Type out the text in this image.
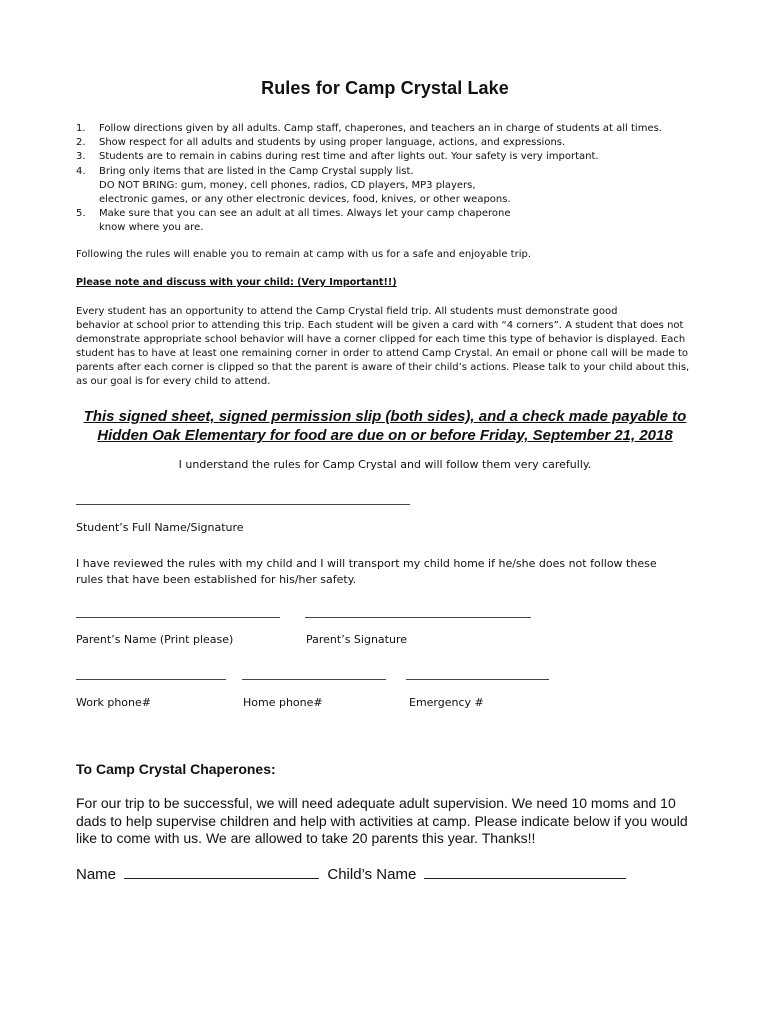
Rules for Camp Crystal Lake
1.	Follow directions given by all adults. Camp staff, chaperones, and teachers an in charge of students at all times.
2.	Show respect for all adults and students by using proper language, actions, and expressions.
3.	Students are to remain in cabins during rest time and after lights out. Your safety is very important.
4.	Bring only items that are listed in the Camp Crystal supply list.
DO NOT BRING: gum, money, cell phones, radios, CD players, MP3 players,
electronic games, or any other electronic devices, food, knives, or other weapons.
5.	Make sure that you can see an adult at all times. Always let your camp chaperone
know where you are.
Following the rules will enable you to remain at camp with us for a safe and enjoyable trip.
Please note and discuss with your child: (Very Important!!)
Every student has an opportunity to attend the Camp Crystal field trip. All students must demonstrate good
behavior at school prior to attending this trip. Each student will be given a card with “4 corners”. A student that does not
demonstrate appropriate school behavior will have a corner clipped for each time this type of behavior is displayed. Each
student has to have at least one remaining corner in order to attend Camp Crystal. An email or phone call will be made to
parents after each corner is clipped so that the parent is aware of their child’s actions. Please talk to your child about this,
as our goal is for every child to attend.
This signed sheet, signed permission slip (both sides), and a check made payable to
Hidden Oak Elementary for food are due on or before Friday, September 21, 2018
I understand the rules for Camp Crystal and will follow them very carefully.
Student’s Full Name/Signature
I have reviewed the rules with my child and I will transport my child home if he/she does not follow these
rules that have been established for his/her safety.
Parent’s Name (Print please)	Parent’s Signature
Work phone#	Home phone#	Emergency #
To Camp Crystal Chaperones:
For our trip to be successful, we will need adequate adult supervision. We need 10 moms and 10
dads to help supervise children and help with activities at camp. Please indicate below if you would
like to come with us. We are allowed to take 20 parents this year. Thanks!!
Name	Child’s Name
